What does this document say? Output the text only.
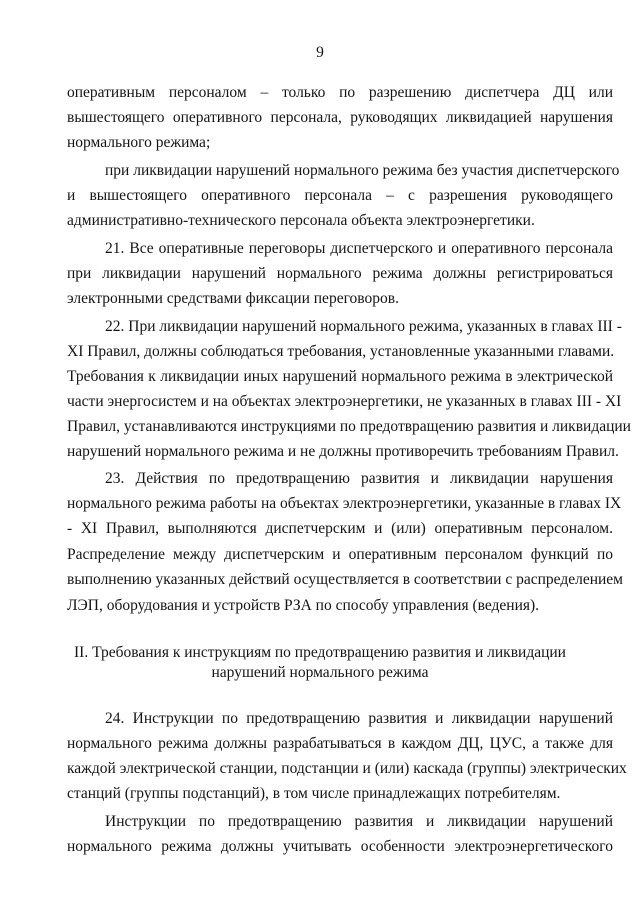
9
оперативным персоналом – только по разрешению диспетчера ДЦ или
вышестоящего оперативного персонала, руководящих ликвидацией нарушения
нормального режима;
при ликвидации нарушений нормального режима без участия диспетчерского
и вышестоящего оперативного персонала – с разрешения руководящего
административно-технического персонала объекта электроэнергетики.
21. Все оперативные переговоры диспетчерского и оперативного персонала
при ликвидации нарушений нормального режима должны регистрироваться
электронными средствами фиксации переговоров.
22. При ликвидации нарушений нормального режима, указанных в главах III -
XI Правил, должны соблюдаться требования, установленные указанными главами.
Требования к ликвидации иных нарушений нормального режима в электрической
части энергосистем и на объектах электроэнергетики, не указанных в главах III - XI
Правил, устанавливаются инструкциями по предотвращению развития и ликвидации
нарушений нормального режима и не должны противоречить требованиям Правил.
23. Действия по предотвращению развития и ликвидации нарушения
нормального режима работы на объектах электроэнергетики, указанные в главах IX
- XI Правил, выполняются диспетчерским и (или) оперативным персоналом.
Распределение между диспетчерским и оперативным персоналом функций по
выполнению указанных действий осуществляется в соответствии с распределением
ЛЭП, оборудования и устройств РЗА по способу управления (ведения).
II. Требования к инструкциям по предотвращению развития и ликвидации
нарушений нормального режима
24. Инструкции по предотвращению развития и ликвидации нарушений
нормального режима должны разрабатываться в каждом ДЦ, ЦУС, а также для
каждой электрической станции, подстанции и (или) каскада (группы) электрических
станций (группы подстанций), в том числе принадлежащих потребителям.
Инструкции по предотвращению развития и ликвидации нарушений
нормального режима должны учитывать особенности электроэнергетического
